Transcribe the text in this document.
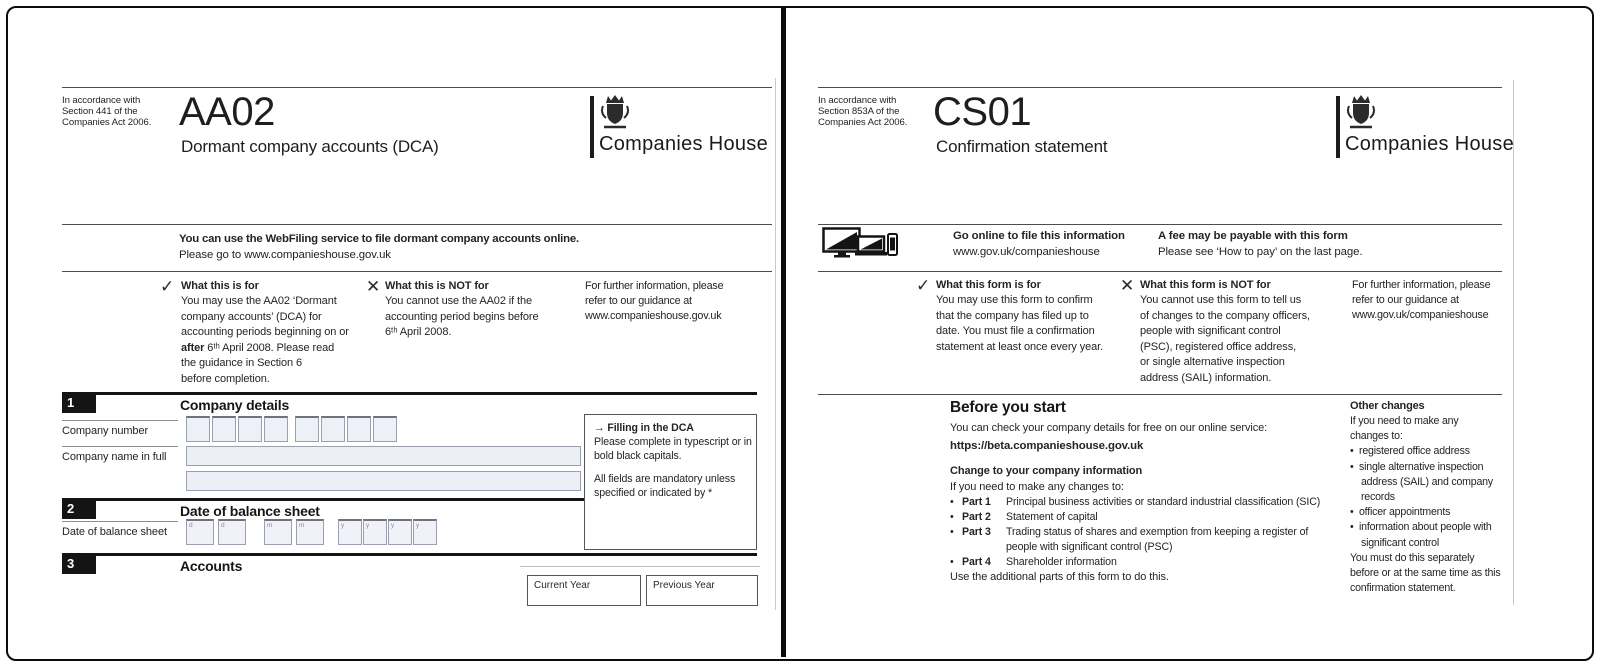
In accordance with
Section 441 of the
Companies Act 2006. AA02
Dormant company accounts (DCA)	Companies House
You can use the WebFiling service to file dormant company accounts online.
Please go to www.companieshouse.gov.uk
✓ What this is for
You may use the AA02 ‘Dormant
company accounts’ (DCA) for
accounting periods beginning on or
after 6ᵗʰ April 2008. Please read
the guidance in Section 6
before completion.
✕ What this is NOT for
You cannot use the AA02 if the
accounting period begins before
6ᵗʰ April 2008.
For further information, please
refer to our guidance at
www.companieshouse.gov.uk
1	Company details
Company number
Company name in full
→ Filling in the DCA
Please complete in typescript or in
bold black capitals.
All fields are mandatory unless
specified or indicated by *
2	Date of balance sheet
Date of balance sheet
d	d	m	m	y	y	y	y
3	Accounts
Current Year	Previous Year
In accordance with
Section 853A of the
Companies Act 2006. CS01
Confirmation statement	Companies House
Go online to file this information
www.gov.uk/companieshouse
A fee may be payable with this form
Please see ‘How to pay’ on the last page.
✓ What this form is for
You may use this form to confirm
that the company has filed up to
date. You must file a confirmation
statement at least once every year.
✕ What this form is NOT for
You cannot use this form to tell us
of changes to the company officers,
people with significant control
(PSC), registered office address,
or single alternative inspection
address (SAIL) information.
For further information, please
refer to our guidance at
www.gov.uk/companieshouse
Before you start
You can check your company details for free on our online service:
https://beta.companieshouse.gov.uk
Change to your company information
If you need to make any changes to:
• Part 1 Principal business activities or standard industrial classification (SIC)
• Part 2 Statement of capital
• Part 3 Trading status of shares and exemption from keeping a register of
people with significant control (PSC)
• Part 4 Shareholder information
Use the additional parts of this form to do this.
Other changes
If you need to make any
changes to:
•  registered office address
•  single alternative inspection
address (SAIL) and company
records
•  officer appointments
•  information about people with
significant control
You must do this separately
before or at the same time as this
confirmation statement.
